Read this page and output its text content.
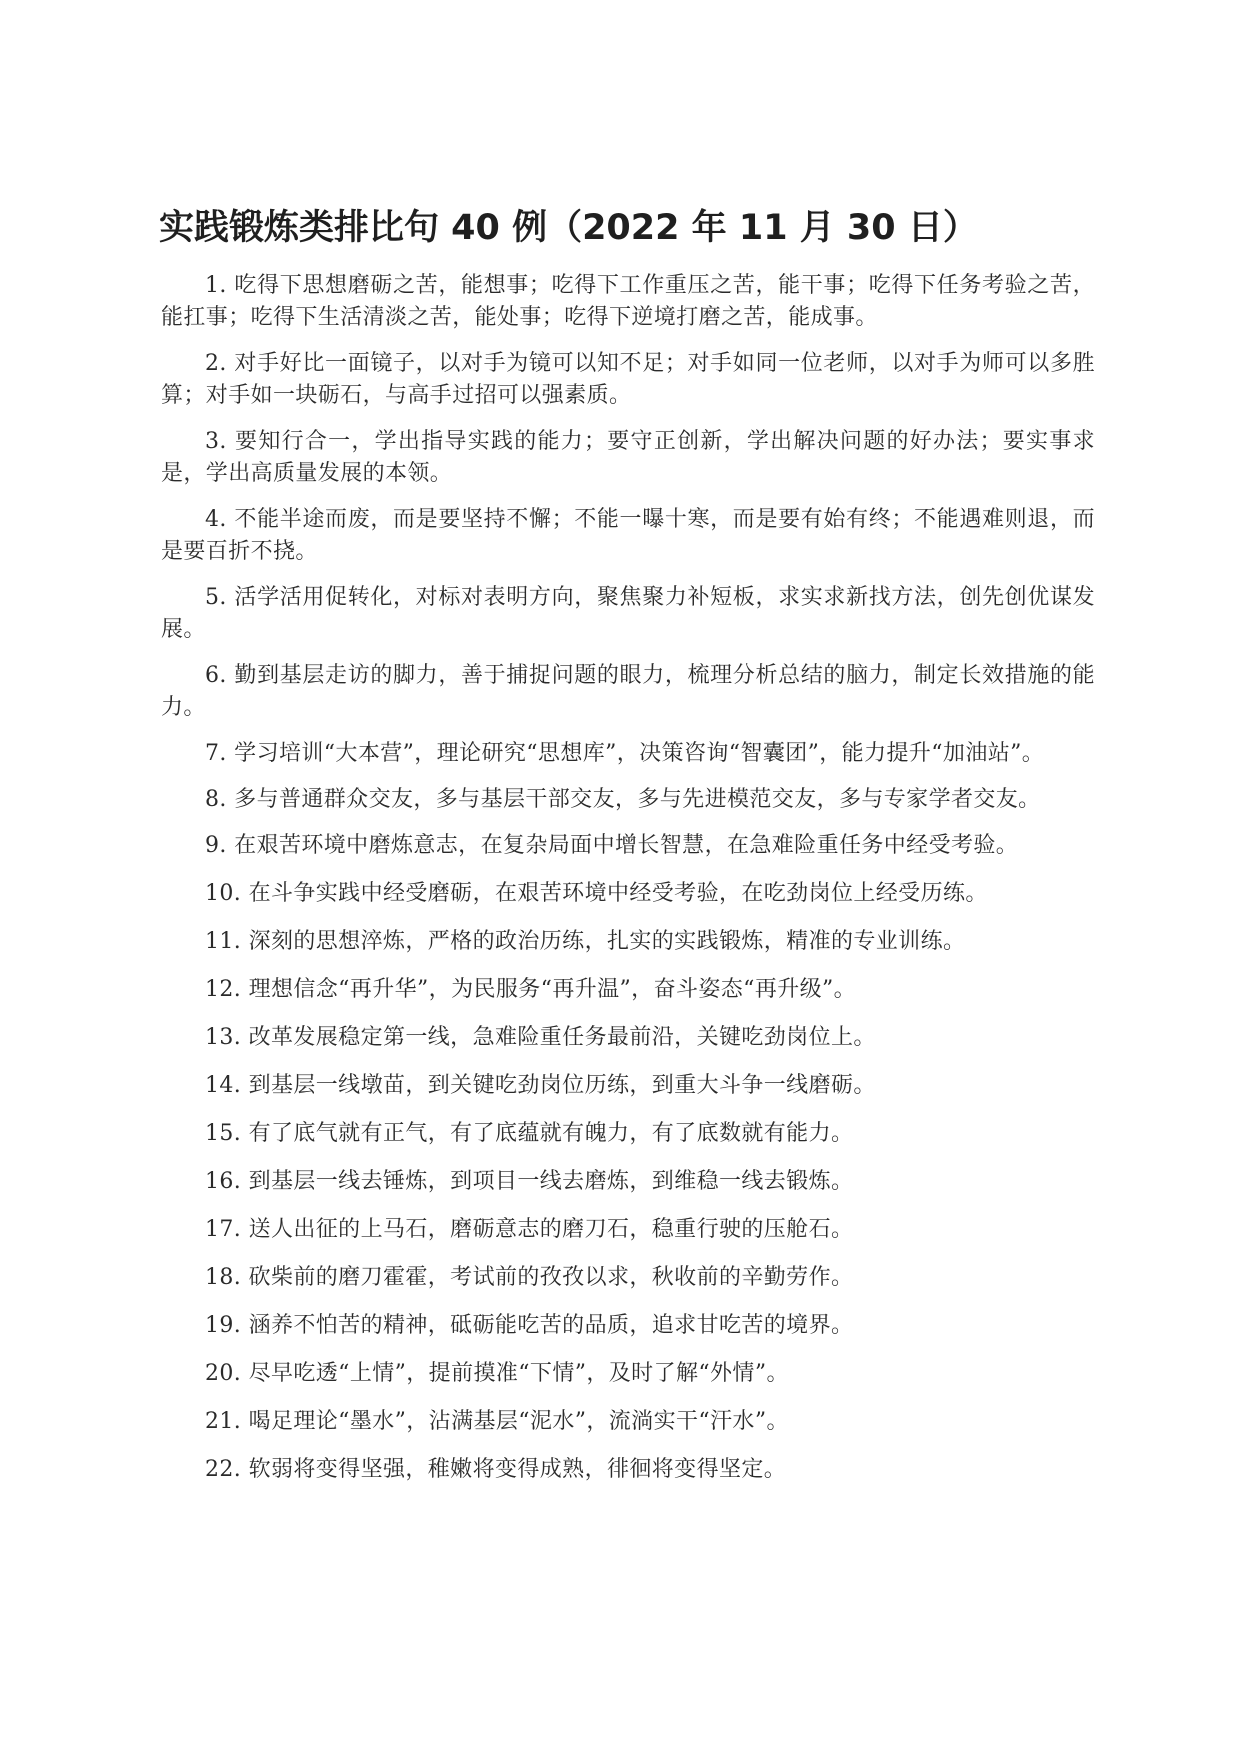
实践锻炼类排比句 40 例（2022 年 11 月 30 日）

1. 吃得下思想磨砺之苦，能想事；吃得下工作重压之苦，能干事；吃得下任务考验之苦，能扛事；吃得下生活清淡之苦，能处事；吃得下逆境打磨之苦，能成事。

2. 对手好比一面镜子，以对手为镜可以知不足；对手如同一位老师，以对手为师可以多胜算；对手如一块砺石，与高手过招可以强素质。

3. 要知行合一，学出指导实践的能力；要守正创新，学出解决问题的好办法；要实事求是，学出高质量发展的本领。

4. 不能半途而废，而是要坚持不懈；不能一曝十寒，而是要有始有终；不能遇难则退，而是要百折不挠。

5. 活学活用促转化，对标对表明方向，聚焦聚力补短板，求实求新找方法，创先创优谋发展。

6. 勤到基层走访的脚力，善于捕捉问题的眼力，梳理分析总结的脑力，制定长效措施的能力。

7. 学习培训“大本营”，理论研究“思想库”，决策咨询“智囊团”，能力提升“加油站”。

8. 多与普通群众交友，多与基层干部交友，多与先进模范交友，多与专家学者交友。

9. 在艰苦环境中磨炼意志，在复杂局面中增长智慧，在急难险重任务中经受考验。

10. 在斗争实践中经受磨砺，在艰苦环境中经受考验，在吃劲岗位上经受历练。

11. 深刻的思想淬炼，严格的政治历练，扎实的实践锻炼，精准的专业训练。

12. 理想信念“再升华”，为民服务“再升温”，奋斗姿态“再升级”。

13. 改革发展稳定第一线，急难险重任务最前沿，关键吃劲岗位上。

14. 到基层一线墩苗，到关键吃劲岗位历练，到重大斗争一线磨砺。

15. 有了底气就有正气，有了底蕴就有魄力，有了底数就有能力。

16. 到基层一线去锤炼，到项目一线去磨炼，到维稳一线去锻炼。

17. 送人出征的上马石，磨砺意志的磨刀石，稳重行驶的压舱石。

18. 砍柴前的磨刀霍霍，考试前的孜孜以求，秋收前的辛勤劳作。

19. 涵养不怕苦的精神，砥砺能吃苦的品质，追求甘吃苦的境界。

20. 尽早吃透“上情”，提前摸准“下情”，及时了解“外情”。

21. 喝足理论“墨水”，沾满基层“泥水”，流淌实干“汗水”。

22. 软弱将变得坚强，稚嫩将变得成熟，徘徊将变得坚定。
